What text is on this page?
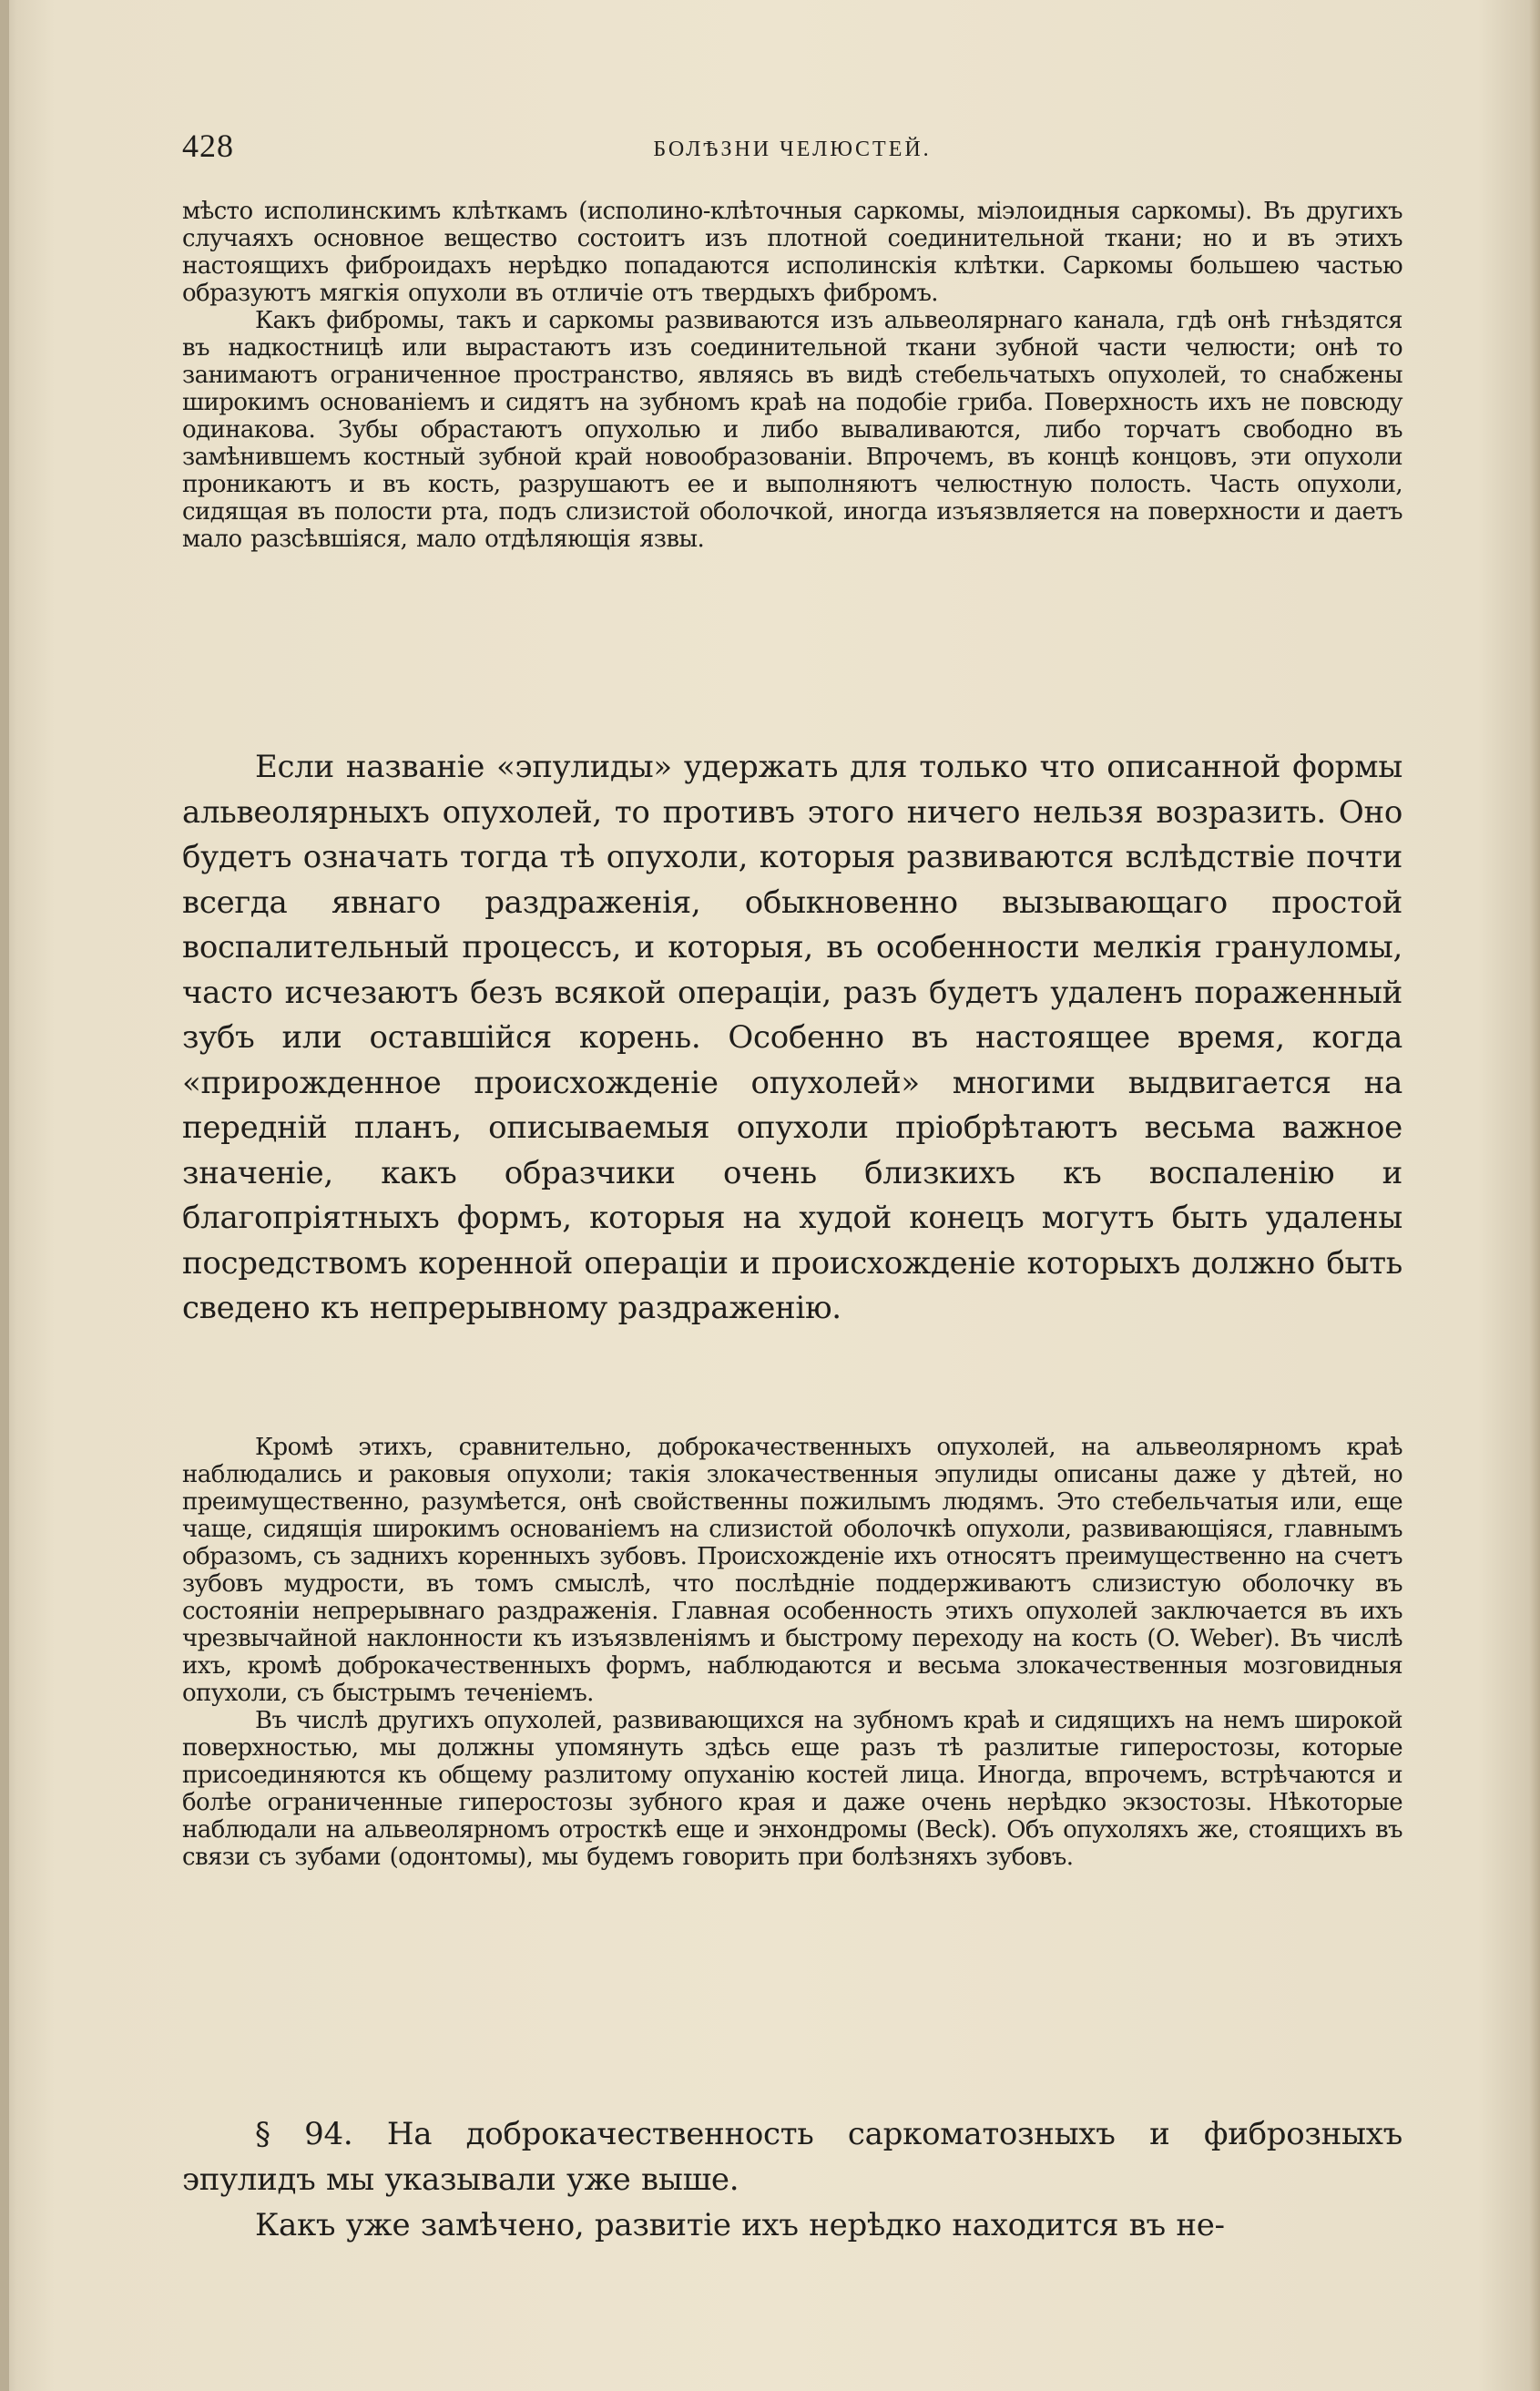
428	БОЛѢЗНИ ЧЕЛЮСТЕЙ.

мѣсто исполинскимъ клѣткамъ (исполино-клѣточныя саркомы, міэлоидныя саркомы). Въ другихъ случаяхъ основное вещество состоитъ изъ плотной соединительной ткани; но и въ этихъ настоящихъ фиброидахъ нерѣдко попадаются исполинскія клѣтки. Саркомы большею частью образуютъ мягкія опухоли въ отличіе отъ твердыхъ фибромъ.

Какъ фибромы, такъ и саркомы развиваются изъ альвеолярнаго канала, гдѣ онѣ гнѣздятся въ надкостницѣ или вырастаютъ изъ соединительной ткани зубной части челюсти; онѣ то занимаютъ ограниченное пространство, являясь въ видѣ стебельчатыхъ опухолей, то снабжены широкимъ основаніемъ и сидятъ на зубномъ краѣ на подобіе гриба. Поверхность ихъ не повсюду одинакова. Зубы обрастаютъ опухолью и либо вываливаются, либо торчатъ свободно въ замѣнившемъ костный зубной край новообразованіи. Впрочемъ, въ концѣ концовъ, эти опухоли проникаютъ и въ кость, разрушаютъ ее и выполняютъ челюстную полость. Часть опухоли, сидящая въ полости рта, подъ слизистой оболочкой, иногда изъязвляется на поверхности и даетъ мало разсѣвшіяся, мало отдѣляющія язвы.

Если названіе «эпулиды» удержать для только что описанной формы альвеолярныхъ опухолей, то противъ этого ничего нельзя возразить. Оно будетъ означать тогда тѣ опухоли, которыя развиваются вслѣдствіе почти всегда явнаго раздраженія, обыкновенно вызывающаго простой воспалительный процессъ, и которыя, въ особенности мелкія грануломы, часто исчезаютъ безъ всякой операціи, разъ будетъ удаленъ пораженный зубъ или оставшійся корень. Особенно въ настоящее время, когда «прирожденное происхожденіе опухолей» многими выдвигается на передній планъ, описываемыя опухоли пріобрѣтаютъ весьма важное значеніе, какъ образчики очень близкихъ къ воспаленію и благопріятныхъ формъ, которыя на худой конецъ могутъ быть удалены посредствомъ коренной операціи и происхожденіе которыхъ должно быть сведено къ непрерывному раздраженію.

Кромѣ этихъ, сравнительно, доброкачественныхъ опухолей, на альвеолярномъ краѣ наблюдались и раковыя опухоли; такія злокачественныя эпулиды описаны даже у дѣтей, но преимущественно, разумѣется, онѣ свойственны пожилымъ людямъ. Это стебельчатыя или, еще чаще, сидящія широкимъ основаніемъ на слизистой оболочкѣ опухоли, развивающіяся, главнымъ образомъ, съ заднихъ коренныхъ зубовъ. Происхожденіе ихъ относятъ преимущественно на счетъ зубовъ мудрости, въ томъ смыслѣ, что послѣдніе поддерживаютъ слизистую оболочку въ состояніи непрерывнаго раздраженія. Главная особенность этихъ опухолей заключается въ ихъ чрезвычайной наклонности къ изъязвленіямъ и быстрому переходу на кость (O. Weber). Въ числѣ ихъ, кромѣ доброкачественныхъ формъ, наблюдаются и весьма злокачественныя мозговидныя опухоли, съ быстрымъ теченіемъ.

Въ числѣ другихъ опухолей, развивающихся на зубномъ краѣ и сидящихъ на немъ широкой поверхностью, мы должны упомянуть здѣсь еще разъ тѣ разлитые гиперостозы, которые присоединяются къ общему разлитому опуханію костей лица. Иногда, впрочемъ, встрѣчаются и болѣе ограниченные гиперостозы зубного края и даже очень нерѣдко экзостозы. Нѣкоторые наблюдали на альвеолярномъ отросткѣ еще и энхондромы (Beck). Объ опухоляхъ же, стоящихъ въ связи съ зубами (одонтомы), мы будемъ говорить при болѣзняхъ зубовъ.

§ 94. На доброкачественность саркоматозныхъ и фиброзныхъ эпулидъ мы указывали уже выше.

Какъ уже замѣчено, развитіе ихъ нерѣдко находится въ не-
